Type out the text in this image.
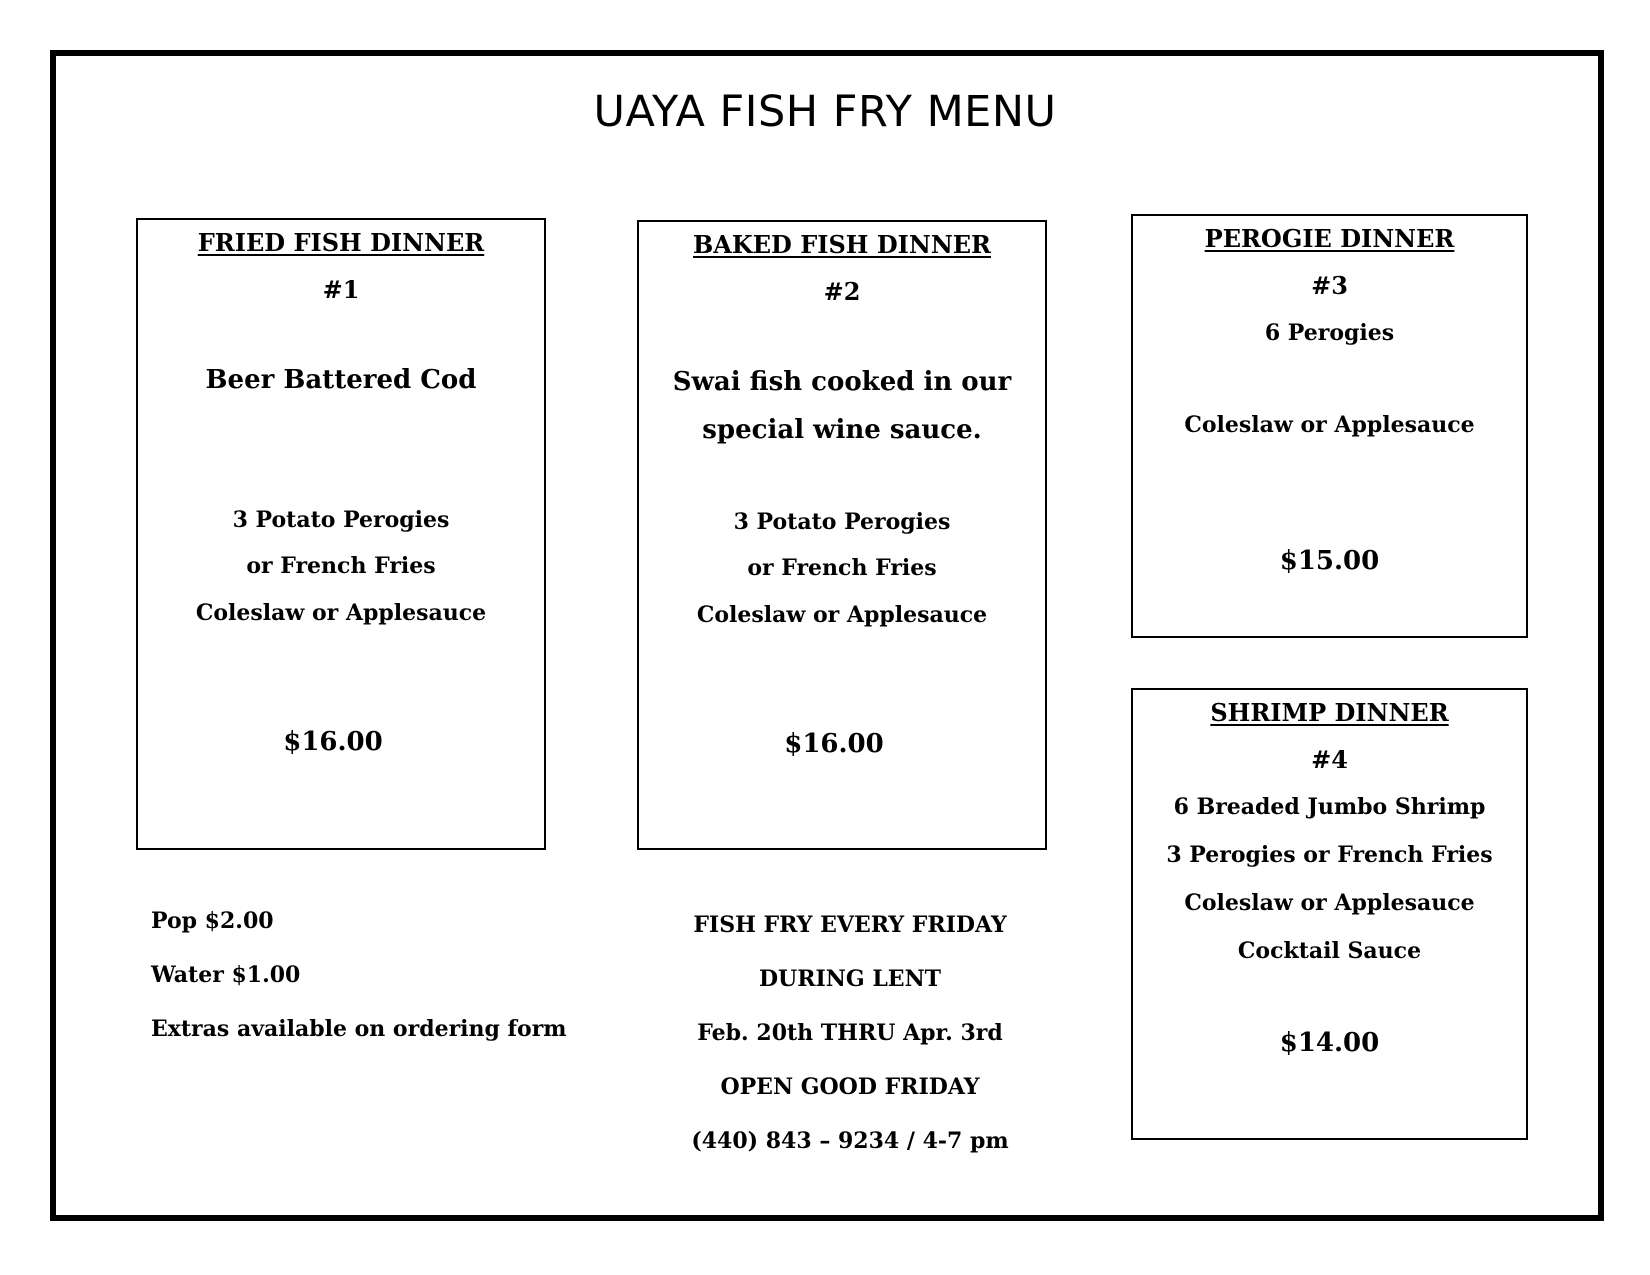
UAYA FISH FRY MENU
FRIED FISH DINNER
#1
Beer Battered Cod
3 Potato Perogies
or French Fries
Coleslaw or Applesauce
$16.00
BAKED FISH DINNER
#2
Swai fish cooked in our
special wine sauce.
3 Potato Perogies
or French Fries
Coleslaw or Applesauce
$16.00
PEROGIE DINNER
#3
6 Perogies
Coleslaw or Applesauce
$15.00
SHRIMP DINNER
#4
6 Breaded Jumbo Shrimp
3 Perogies or French Fries
Coleslaw or Applesauce
Cocktail Sauce
$14.00
Pop $2.00
Water $1.00
Extras available on ordering form
FISH FRY EVERY FRIDAY
DURING LENT
Feb. 20th THRU Apr. 3rd
OPEN GOOD FRIDAY
(440) 843 – 9234 / 4-7 pm
